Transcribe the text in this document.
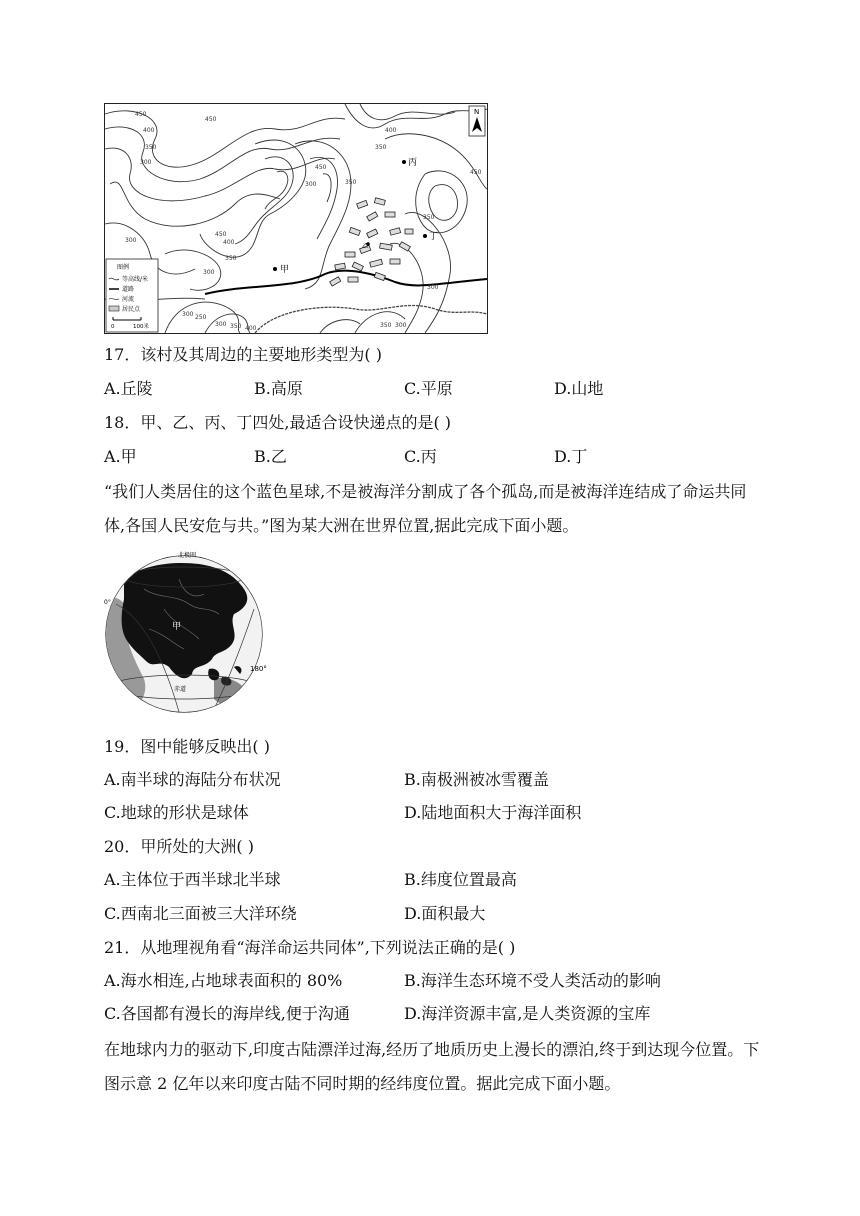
450
400
350
300
450
400
350
300
450
350
450
300
350
400
450
300
350
300
300 250
300 350 400	350 300
甲
乙
丙
丁
N
图例
等高线/米
道路
河流
居民点
0	100米
17．该村及其周边的主要地形类型为( )
A.丘陵	B.高原	C.平原	D.山地
18．甲、乙、丙、丁四处,最适合设快递点的是( )
A.甲	B.乙	C.丙	D.丁
“我们人类居住的这个蓝色星球,不是被海洋分割成了各个孤岛,而是被海洋连结成了命运共同体,各国人民安危与共。”图为某大洲在世界位置,据此完成下面小题。
北极圈
0°
180°
赤道
甲
19．图中能够反映出( )
A.南半球的海陆分布状况	B.南极洲被冰雪覆盖
C.地球的形状是球体	D.陆地面积大于海洋面积
20．甲所处的大洲( )
A.主体位于西半球北半球	B.纬度位置最高
C.西南北三面被三大洋环绕	D.面积最大
21．从地理视角看“海洋命运共同体”,下列说法正确的是( )
A.海水相连,占地球表面积的 80%	B.海洋生态环境不受人类活动的影响
C.各国都有漫长的海岸线,便于沟通	D.海洋资源丰富,是人类资源的宝库
在地球内力的驱动下,印度古陆漂洋过海,经历了地质历史上漫长的漂泊,终于到达现今位置。下图示意 2 亿年以来印度古陆不同时期的经纬度位置。据此完成下面小题。
